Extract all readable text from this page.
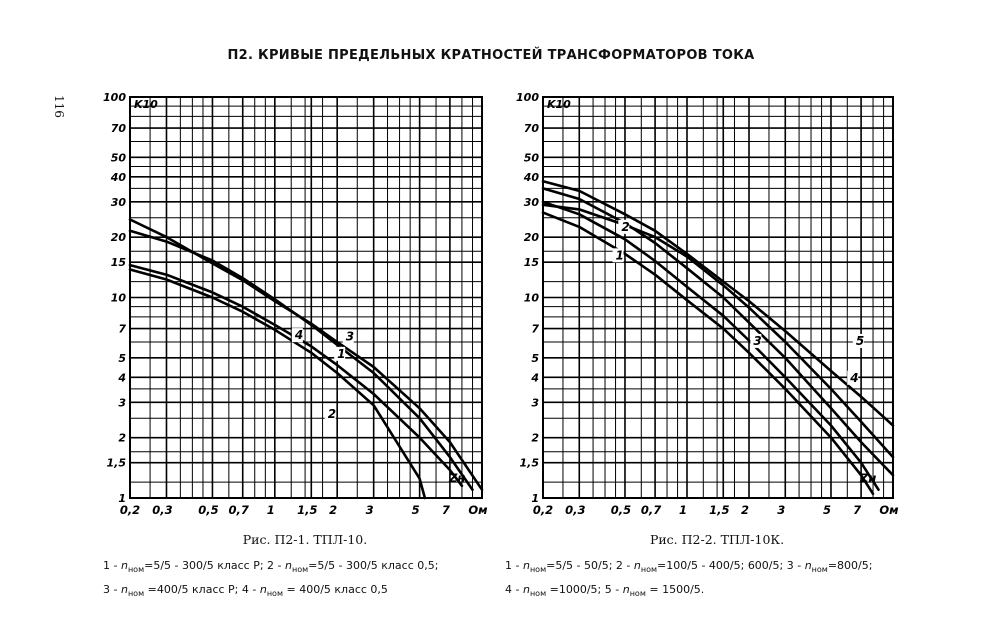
П2. КРИВЫЕ ПРЕДЕЛЬНЫХ КРАТНОСТЕЙ ТРАНСФОРМАТОРОВ ТОКА
116
0,2 0,3 0,5 0,7 1 1,5 2 3	5 7 Ом
1
1,5
2
3
4
5
7
10
15
20
30
40
50
70
100
K10
Zн
1
2
3
4
0,2 0,3 0,5 0,7 1 1,5 2 3	5 7 Ом
1
1,5
2
3
4
5
7
10
15
20
30
40
50
70
100
K10
Zн
1
2
3
4
5
Рис. П2-1. ТПЛ-10.	Рис. П2-2. ТПЛ-10К.
$1 - n_{ном}=5/5 - 300/5$ класс Р; $2 - n_{ном}=5/5 - 300/5$ класс 0,5;
$3 - n_{ном} =400/5$ класс Р; $4 - n_{ном} = 400/5$ класс 0,5
$1 - n_{ном}=5/5 - 50/5$; $2 - n_{ном}=100/5 - 400/5$; 600/5; $3 - n_{ном}=800/5$;
$4 - n_{ном} =1000/5$; $5 - n_{ном} = 1500/5$.
